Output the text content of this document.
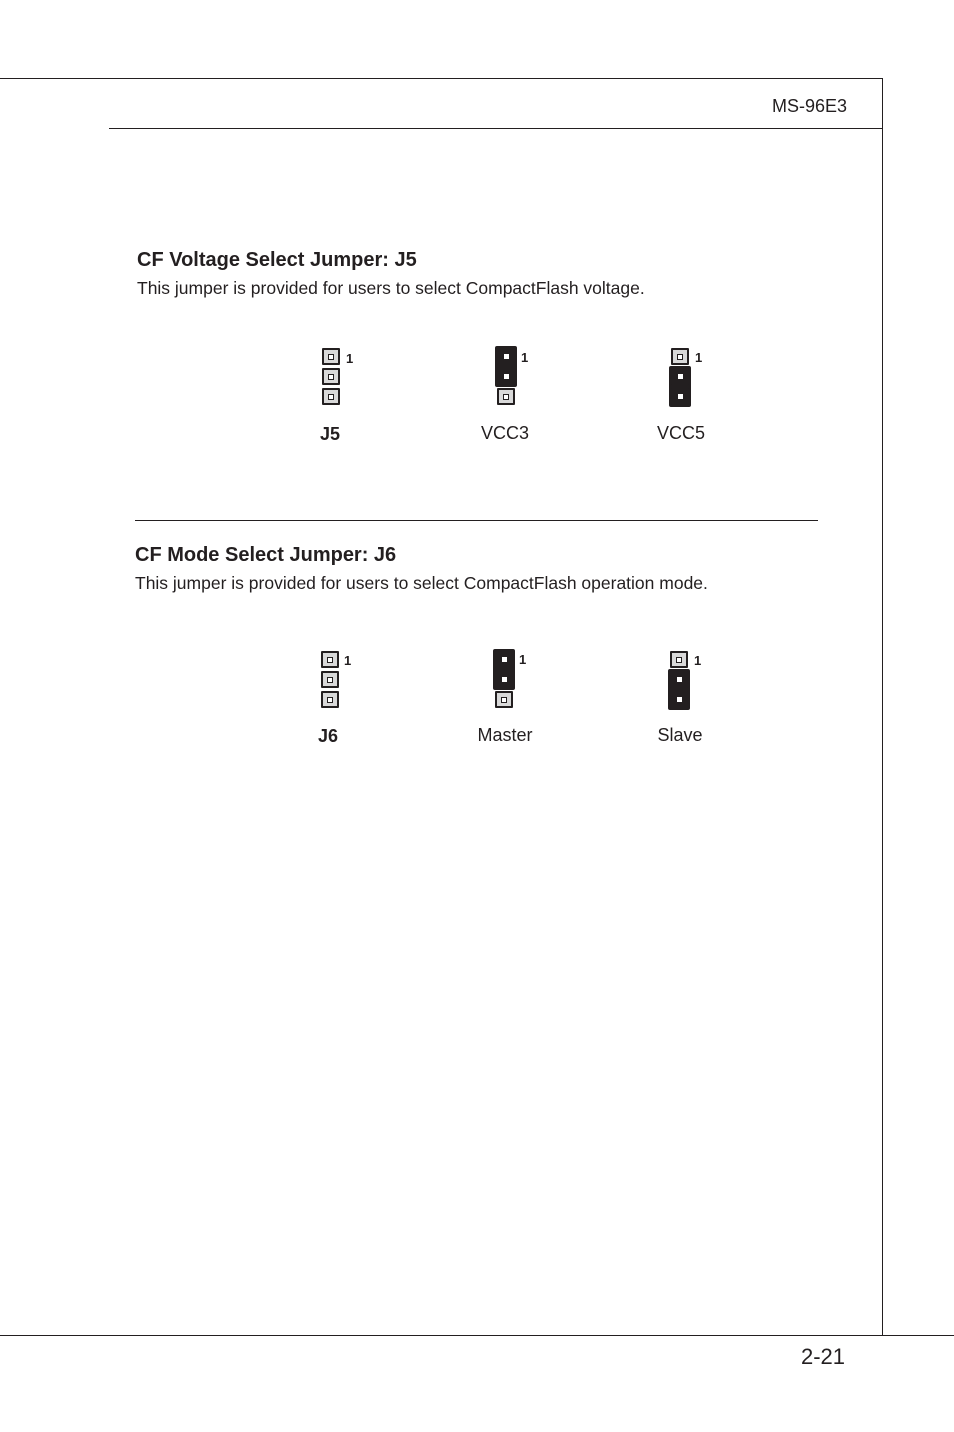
MS-96E3
CF Voltage Select Jumper: J5
This jumper is provided for users to select CompactFlash voltage.
1
J5
1
VCC3
1
VCC5
CF Mode Select Jumper: J6
This jumper is provided for users to select CompactFlash operation mode.
1
J6
1
Master
1
Slave
2-21
